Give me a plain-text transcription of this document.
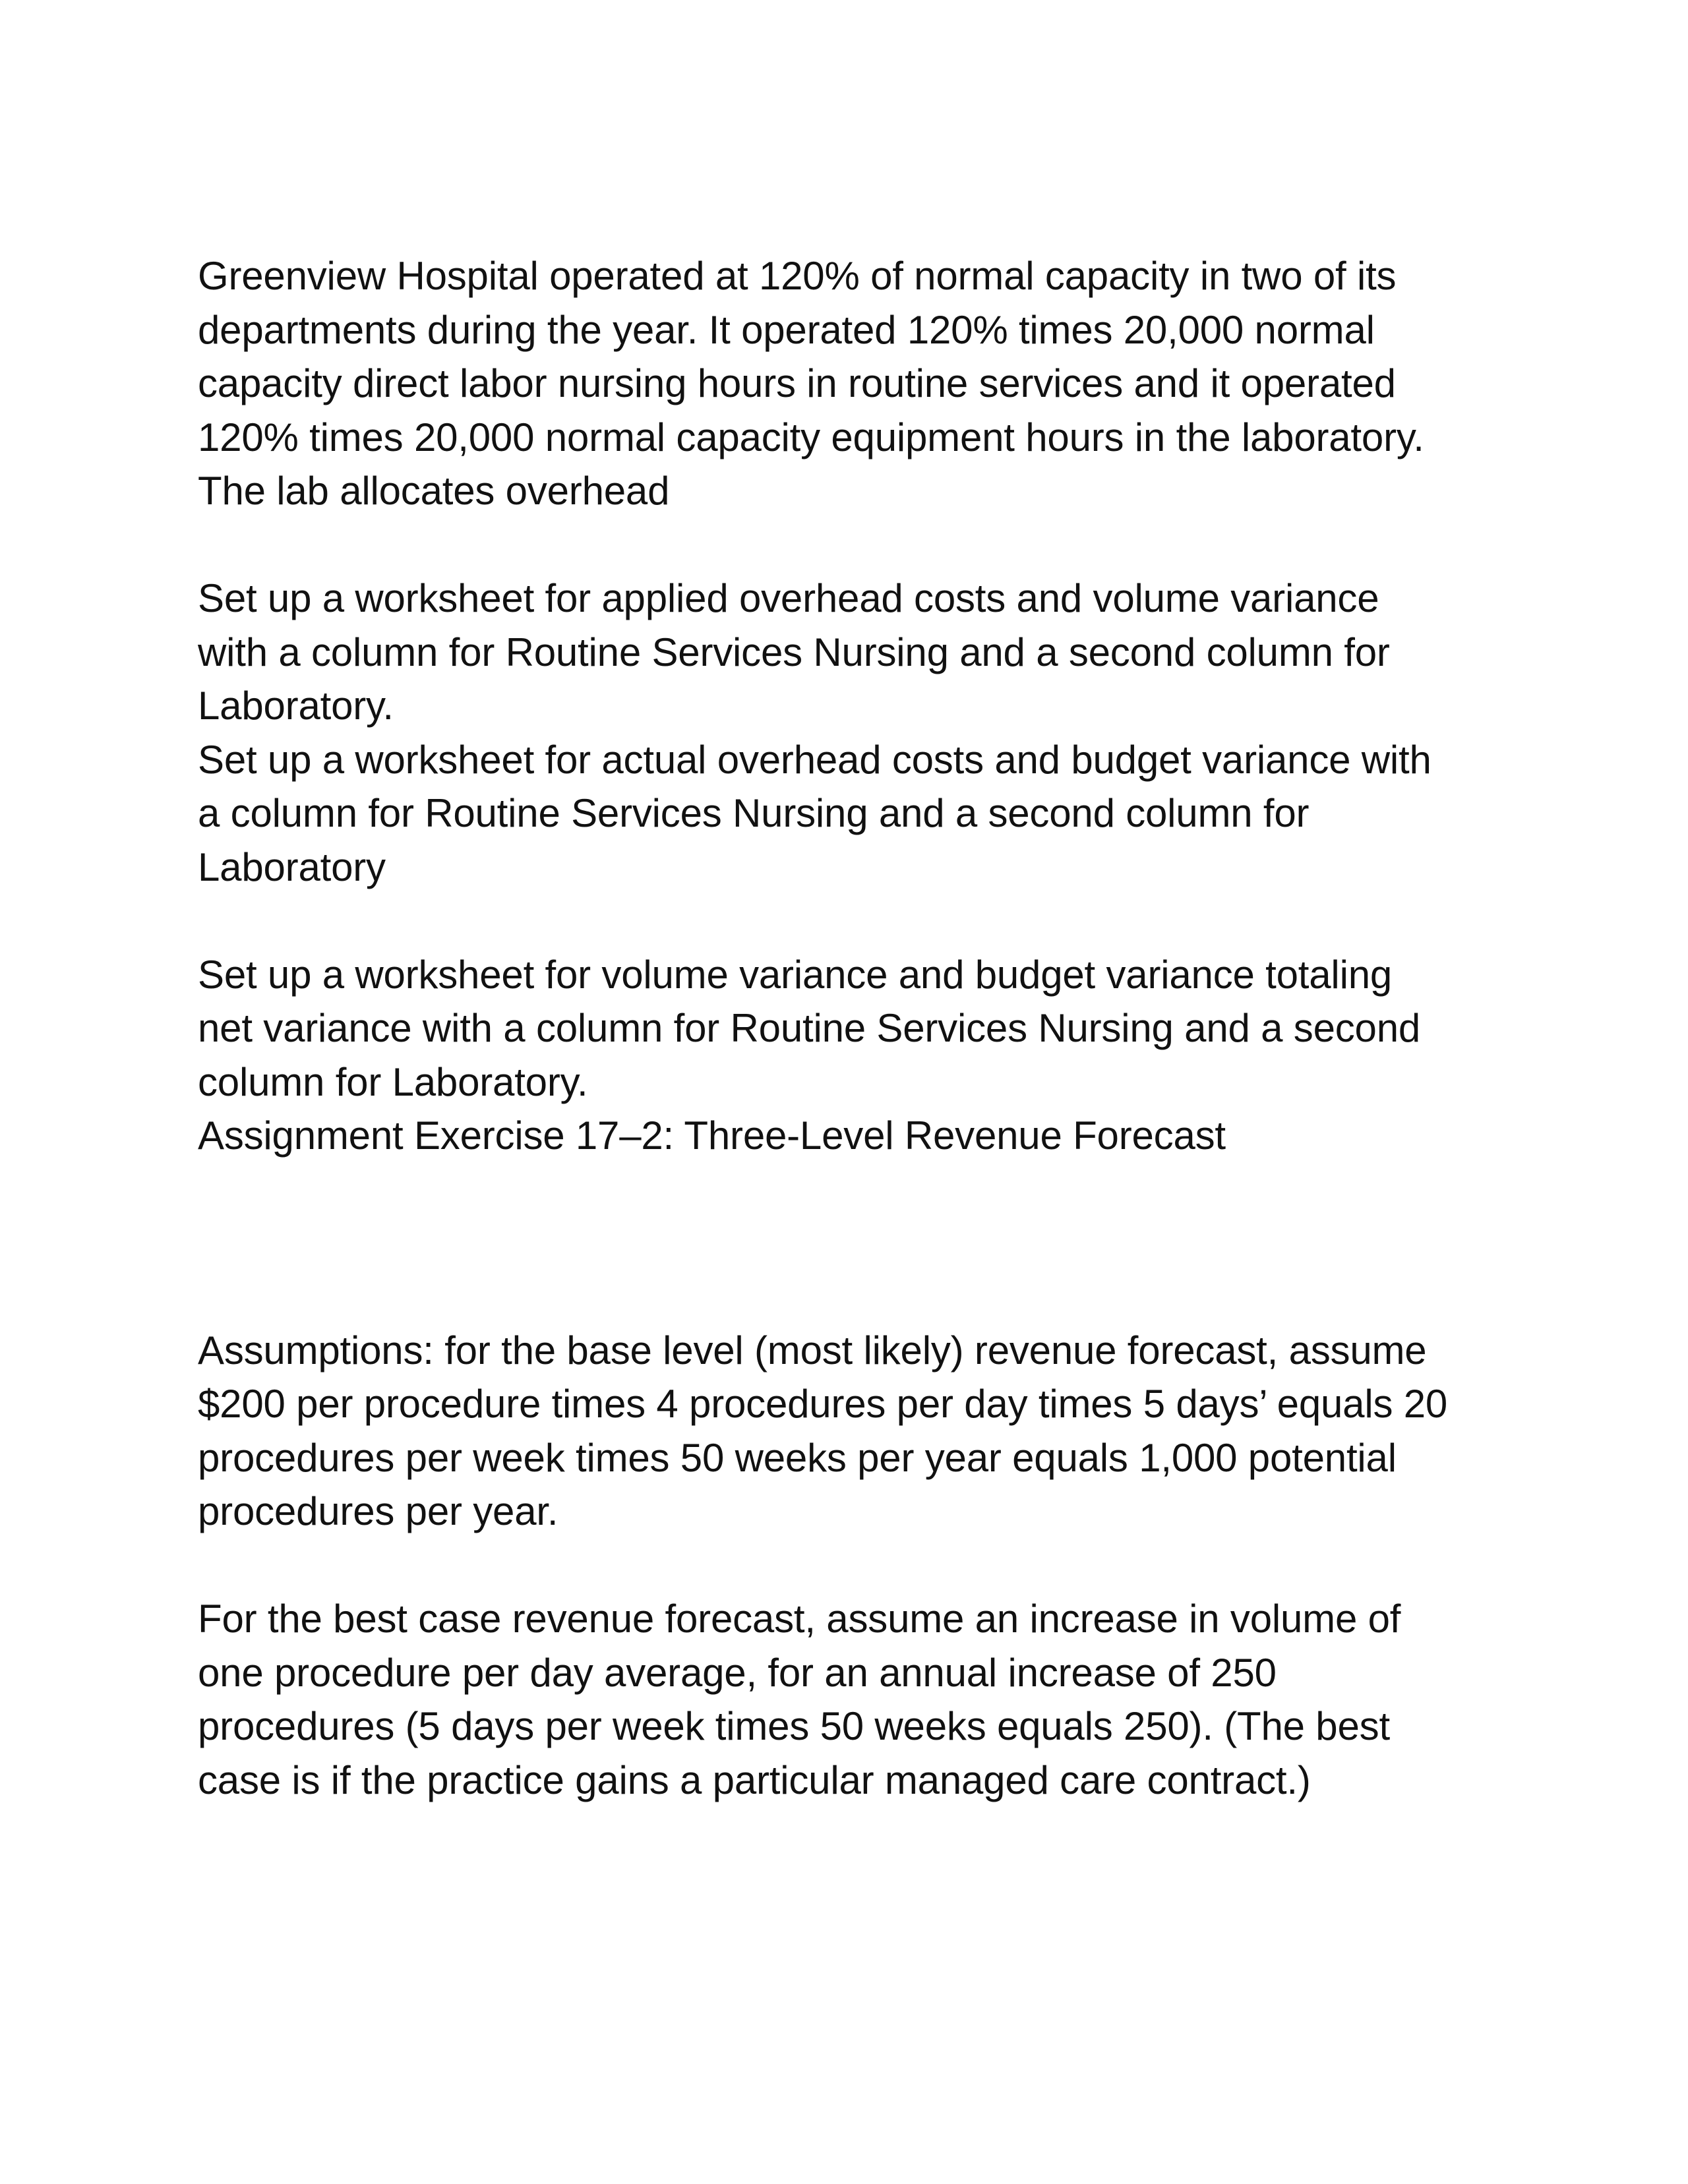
Greenview Hospital operated at 120% of normal capacity in two of its
departments during the year. It operated 120% times 20,000 normal
capacity direct labor nursing hours in routine services and it operated
120% times 20,000 normal capacity equipment hours in the laboratory.
The lab allocates overhead
Set up a worksheet for applied overhead costs and volume variance
with a column for Routine Services Nursing and a second column for
Laboratory.
Set up a worksheet for actual overhead costs and budget variance with
a column for Routine Services Nursing and a second column for
Laboratory
Set up a worksheet for volume variance and budget variance totaling
net variance with a column for Routine Services Nursing and a second
column for Laboratory.
Assignment Exercise 17–2: Three-Level Revenue Forecast
Assumptions: for the base level (most likely) revenue forecast, assume
$200 per procedure times 4 procedures per day times 5 days’ equals 20
procedures per week times 50 weeks per year equals 1,000 potential
procedures per year.
For the best case revenue forecast, assume an increase in volume of
one procedure per day average, for an annual increase of 250
procedures (5 days per week times 50 weeks equals 250). (The best
case is if the practice gains a particular managed care contract.)
